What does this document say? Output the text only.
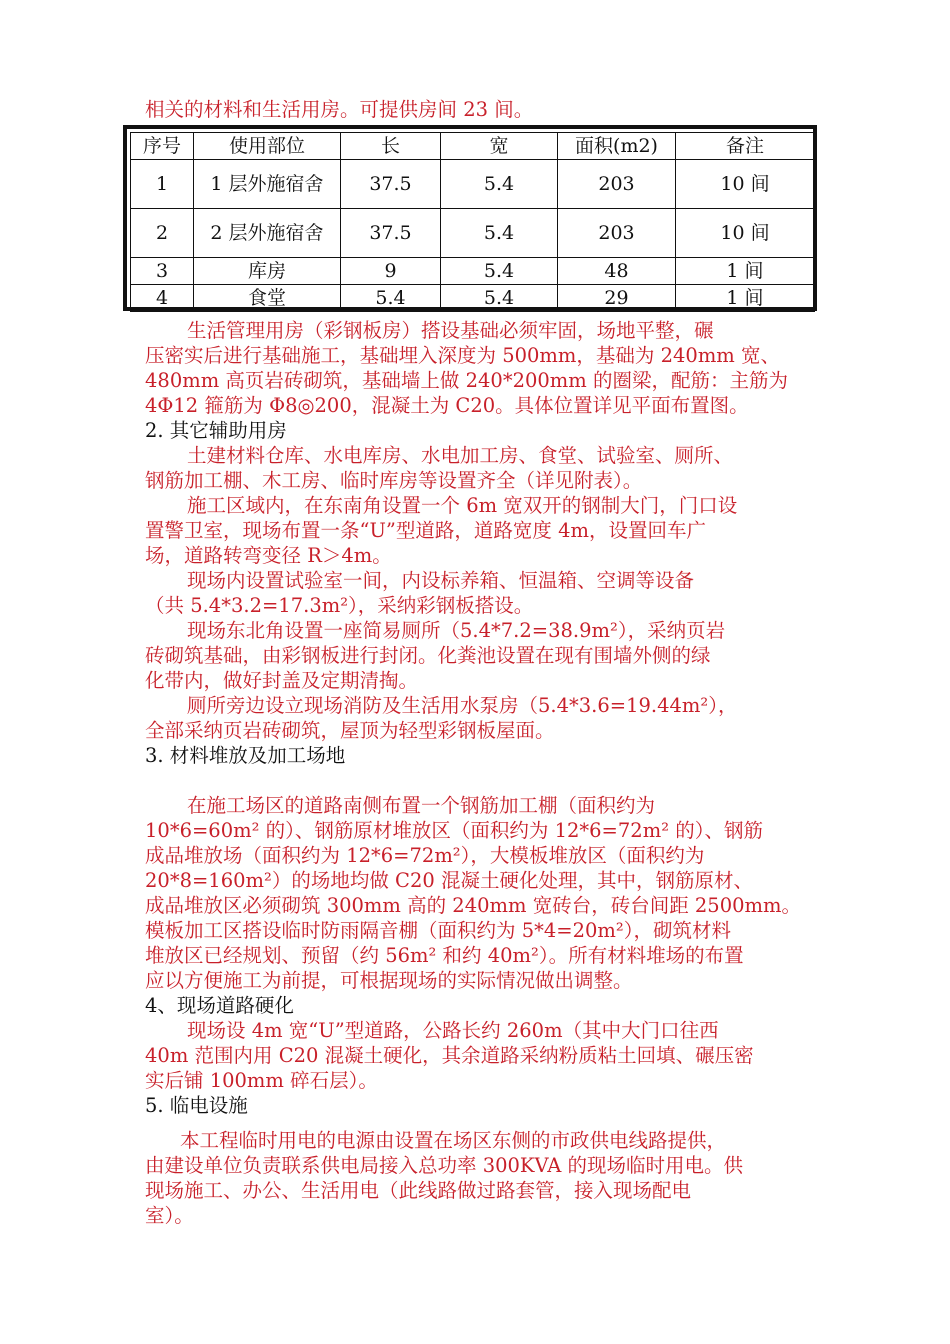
相关的材料和生活用房。可提供房间 23 间。
序号	使用部位	长	宽	面积(m2)	备注
1	1 层外施宿舍	37.5	5.4	203	10 间
2	2 层外施宿舍	37.5	5.4	203	10 间
3	库房	9	5.4	48	1 间
4	食堂	5.4	5.4	29	1 间
生活管理用房（彩钢板房）搭设基础必须牢固，场地平整，碾
压密实后进行基础施工，基础埋入深度为 500mm，基础为 240mm 宽、
480mm 高页岩砖砌筑，基础墙上做 240*200mm 的圈梁，配筋：主筋为
4Φ12 箍筋为 Φ8◎200，混凝土为 C20。具体位置详见平面布置图。
2. 其它辅助用房
土建材料仓库、水电库房、水电加工房、食堂、试验室、厕所、
钢筋加工棚、木工房、临时库房等设置齐全（详见附表）。
施工区域内，在东南角设置一个 6m 宽双开的钢制大门，门口设
置警卫室，现场布置一条“U”型道路，道路宽度 4m，设置回车广
场，道路转弯变径 R＞4m。
现场内设置试验室一间，内设标养箱、恒温箱、空调等设备
（共 5.4*3.2=17.3m²），采纳彩钢板搭设。
现场东北角设置一座简易厕所（5.4*7.2=38.9m²），采纳页岩
砖砌筑基础，由彩钢板进行封闭。化粪池设置在现有围墙外侧的绿
化带内，做好封盖及定期清掏。
厕所旁边设立现场消防及生活用水泵房（5.4*3.6=19.44m²），
全部采纳页岩砖砌筑，屋顶为轻型彩钢板屋面。
3. 材料堆放及加工场地
在施工场区的道路南侧布置一个钢筋加工棚（面积约为
10*6=60m² 的）、钢筋原材堆放区（面积约为 12*6=72m² 的）、钢筋
成品堆放场（面积约为 12*6=72m²），大模板堆放区（面积约为
20*8=160m²）的场地均做 C20 混凝土硬化处理，其中，钢筋原材、
成品堆放区必须砌筑 300mm 高的 240mm 宽砖台，砖台间距 2500mm。
模板加工区搭设临时防雨隔音棚（面积约为 5*4=20m²），砌筑材料
堆放区已经规划、预留（约 56m² 和约 40m²）。所有材料堆场的布置
应以方便施工为前提，可根据现场的实际情况做出调整。
4、现场道路硬化
现场设 4m 宽“U”型道路，公路长约 260m（其中大门口往西
40m 范围内用 C20 混凝土硬化，其余道路采纳粉质粘土回填、碾压密
实后铺 100mm 碎石层）。
5. 临电设施
本工程临时用电的电源由设置在场区东侧的市政供电线路提供，
由建设单位负责联系供电局接入总功率 300KVA 的现场临时用电。供
现场施工、办公、生活用电（此线路做过路套管，接入现场配电
室）。
